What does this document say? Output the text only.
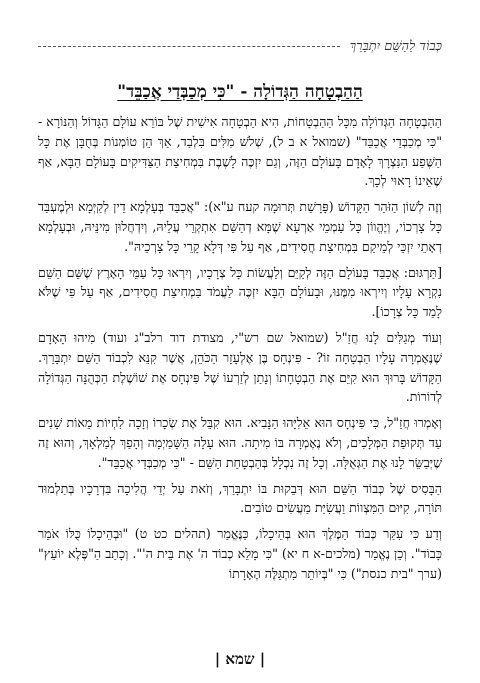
כְּבוֹד לַהַשֵּׁם יִתְבָּרַךְ
הַהַבְטָחָה הַגְּדוֹלָה - "כִּי מְכַבְּדַי אֲכַבֵּד"

הַהַבְטָחָה הַגְּדוֹלָה מִכָּל הַהַבְטָחוֹת, הִיא הַבְטָחָה אִישִׁית שֶׁל בּוֹרֵא עוֹלָם הַגָּדוֹל וְהַנּוֹרָא - "כִּי מְכַבְּדַי אֲכַבֵּד" (שמואל א ב ל), שְׁלֹשׁ מִלִּים בִּלְבַד, אַךְ הֵן טוֹמְנוֹת בְּחֻבָּן אֶת כָּל הַשֶּׁפַע הַנִּצְרָךְ לָאָדָם בָּעוֹלָם הַזֶּה, וְגַם יִזְכֶּה לָשֶׁבֶת בִּמְחִיצַת הַצַּדִּיקִים בָּעוֹלָם הַבָּא, אַף שֶׁאֵינוֹ רָאוּי לְכָךְ.

וְזֶה לְשׁוֹן הַזֹּהַר הַקָּדוֹשׁ (פָּרָשַׁת תְּרוּמָה קעח ע"א): "אֲכַבֵּד בְּעָלְמָא דֵין לְקַיְּמָא וּלְמֶעְבַּד כָּל צָרְכוֹי, וְיֶהֱווֹן כָּל עַמְמֵי אַרְעָא שֶׁמָּא דְהַשֵּׁם אִתְקְרֵי עֲלֵיהּ, וְיִדְחֲלוּן מִינֵּיהּ, וּבְעָלְמָא דְאָתֵי יִזְכֵּי לְמֵיקַם בִּמְחִיצַת חֲסִידִים, אַף עַל פִּי דְּלָא קָרֵי כָּל צָרְכֵיהּ".

[תַּרְגּוּם: אֲכַבֵּד בָּעוֹלָם הַזֶּה לְקַיֵּם וְלַעֲשׂוֹת כָּל צְרָכָיו, וְיִרְאוּ כָּל עַמֵּי הָאָרֶץ שֶׁשֵּׁם הַשֵּׁם נִקְרָא עָלָיו וְיִירְאוּ מִמֶּנּוּ, וּבָעוֹלָם הַבָּא יִזְכֶּה לַעֲמֹד בִּמְחִיצַת חֲסִידִים, אַף עַל פִּי שֶׁלֹּא לָמַד כָּל צְרָכוֹ].

וְעוֹד מְגַלִּים לָנוּ חֲזַ"ל (שמואל שם רש"י, מצודת דוד רלב"ג ועוד) מִיהוּ הָאָדָם שֶׁנֶּאֶמְרָה עָלָיו הַבְטָחָה זוֹ? - פִּינְחָס בֶּן אֶלְעָזָר הַכֹּהֵן, אֲשֶׁר קִנֵּא לִכְבוֹד הַשֵּׁם יִתְבָּרַךְ. הַקָּדוֹשׁ בָּרוּךְ הוּא קִיֵּם אֶת הַבְטָחָתוֹ וְנָתַן לְזַרְעוֹ שֶׁל פִּינְחָס אֶת שׁוֹשֶׁלֶת הַכְּהֻנָּה הַגְּדוֹלָה לְדוֹרוֹת.

וְאָמְרוּ חֲזַ"ל, כִּי פִּינְחָס הוּא אֵלִיָּהוּ הַנָּבִיא. הוּא קִבֵּל אֶת שְׂכָרוֹ וְזָכָה לִחְיוֹת מֵאוֹת שָׁנִים עַד תְּקוּפַת הַמְּלָכִים, וְלֹא נֶאֶמְרָה בּוֹ מִיתָה. הוּא עָלָה הַשָּׁמַיְמָה וְהָפַךְ לְמַלְאָךְ, וְהוּא זֶה שֶׁיְּבַשֵּׂר לָנוּ אֶת הַגְּאֻלָּה. וְכָל זֶה נִכְלָל בְּהַבְטָחַת הַשֵּׁם - "כִּי מְכַבְּדַי אֲכַבֵּד".

הַבָּסִיס שֶׁל כְּבוֹד הַשֵּׁם הוּא דְּבֵקוּת בּוֹ יִתְבָּרַךְ, וְזֹאת עַל יְדֵי הֲלִיכָה בִּדְרָכָיו בְּתַלְמוּד תּוֹרָה, קִיּוּם הַמִּצְווֹת וַעֲשִׂיַּת מַעֲשִׂים טוֹבִים.

וְדַע כִּי עִקַּר כְּבוֹד הַמֶּלֶךְ הוּא בְּהֵיכָלוֹ, כַּנֶּאֱמַר (תהלים כט ט) "וּבְהֵיכָלוֹ כֻּלּוֹ אֹמֵר כָּבוֹד". וְכֵן נֶאֱמַר (מלכים-א ח יא) "כִּי מָלֵא כְבוֹד ה' אֶת בֵּית ה'". וְכָתַב הַ"פֶּלֶא יוֹעֵץ" (ערך "בית כנסת") כִּי "בְּיוֹתֵר מִתְגַּלֶּה הֶאָרָתוֹ

| שמא |
